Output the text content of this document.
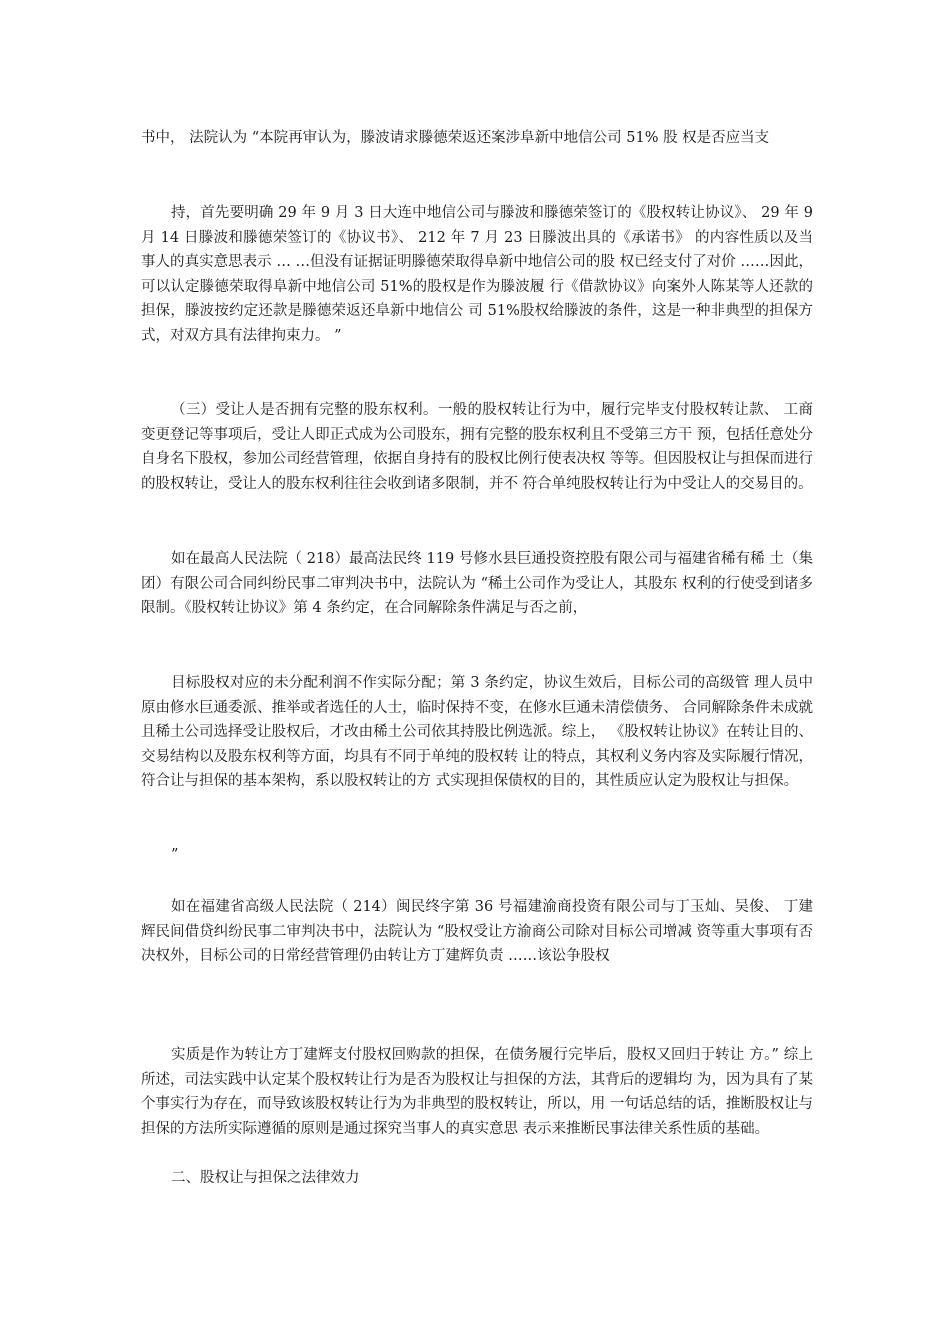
书中， 法院认为 “本院再审认为，滕波请求滕德荣返还案涉阜新中地信公司 51% 股 权是否应当支

持，首先要明确 29 年 9 月 3 日大连中地信公司与滕波和滕德荣签订的《股权转让协议》、 29 年 9 月 14 日滕波和滕德荣签订的《协议书》、 212 年 7 月 23 日滕波出具的《承诺书》 的内容性质以及当事人的真实意思表示 … …但没有证据证明滕德荣取得阜新中地信公司的股 权已经支付了对价 ……因此，可以认定滕德荣取得阜新中地信公司 51%的股权是作为滕波履 行《借款协议》向案外人陈某等人还款的担保，滕波按约定还款是滕德荣返还阜新中地信公 司 51%股权给滕波的条件，这是一种非典型的担保方式，对双方具有法律拘束力。 ”

（三）受让人是否拥有完整的股东权利。一般的股权转让行为中，履行完毕支付股权转让款、 工商变更登记等事项后，受让人即正式成为公司股东，拥有完整的股东权利且不受第三方干 预，包括任意处分自身名下股权，参加公司经营管理，依据自身持有的股权比例行使表决权 等等。但因股权让与担保而进行的股权转让，受让人的股东权利往往会收到诸多限制，并不 符合单纯股权转让行为中受让人的交易目的。

如在最高人民法院（ 218）最高法民终 119 号修水县巨通投资控股有限公司与福建省稀有稀 土（集团）有限公司合同纠纷民事二审判决书中，法院认为 “稀土公司作为受让人，其股东 权利的行使受到诸多限制。《股权转让协议》第 4 条约定，在合同解除条件满足与否之前，

目标股权对应的未分配利润不作实际分配；第 3 条约定，协议生效后，目标公司的高级管 理人员中原由修水巨通委派、推举或者选任的人士，临时保持不变，在修水巨通未清偿债务、 合同解除条件未成就且稀土公司选择受让股权后，才改由稀土公司依其持股比例选派。综上， 《股权转让协议》在转让目的、交易结构以及股东权利等方面，均具有不同于单纯的股权转 让的特点，其权利义务内容及实际履行情况，符合让与担保的基本架构，系以股权转让的方 式实现担保债权的目的，其性质应认定为股权让与担保。

”

如在福建省高级人民法院（ 214）闽民终字第 36 号福建渝商投资有限公司与丁玉灿、吴俊、 丁建辉民间借贷纠纷民事二审判决书中，法院认为 “股权受让方渝商公司除对目标公司增减 资等重大事项有否决权外，目标公司的日常经营管理仍由转让方丁建辉负责 ……该讼争股权

实质是作为转让方丁建辉支付股权回购款的担保，在债务履行完毕后，股权又回归于转让 方。” 综上所述，司法实践中认定某个股权转让行为是否为股权让与担保的方法，其背后的逻辑均 为，因为具有了某个事实行为存在，而导致该股权转让行为为非典型的股权转让，所以，用 一句话总结的话，推断股权让与担保的方法所实际遵循的原则是通过探究当事人的真实意思 表示来推断民事法律关系性质的基础。

二、股权让与担保之法律效力
